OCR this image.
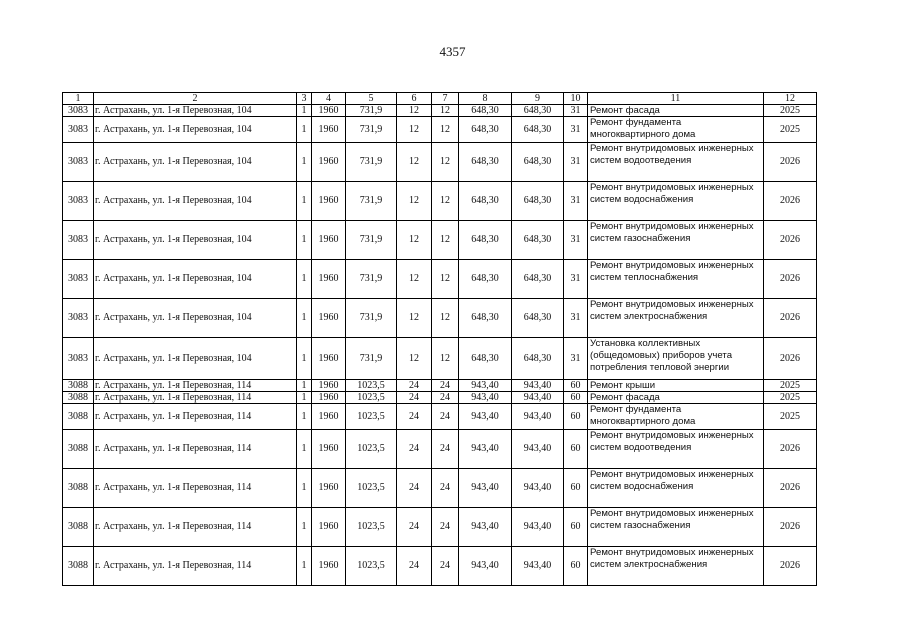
4357
1	2	3	4	5	6	7	8	9	10	11	12
3083	г. Астрахань, ул. 1-я Перевозная, 104	1	1960	731,9	12	12	648,30	648,30	31	Ремонт фасада	2025
3083	г. Астрахань, ул. 1-я Перевозная, 104	1	1960	731,9	12	12	648,30	648,30	31	Ремонт фундамента многоквартирного дома	2025
3083	г. Астрахань, ул. 1-я Перевозная, 104	1	1960	731,9	12	12	648,30	648,30	31	Ремонт внутридомовых инженерных систем водоотведения	2026
3083	г. Астрахань, ул. 1-я Перевозная, 104	1	1960	731,9	12	12	648,30	648,30	31	Ремонт внутридомовых инженерных систем водоснабжения	2026
3083	г. Астрахань, ул. 1-я Перевозная, 104	1	1960	731,9	12	12	648,30	648,30	31	Ремонт внутридомовых инженерных систем газоснабжения	2026
3083	г. Астрахань, ул. 1-я Перевозная, 104	1	1960	731,9	12	12	648,30	648,30	31	Ремонт внутридомовых инженерных систем теплоснабжения	2026
3083	г. Астрахань, ул. 1-я Перевозная, 104	1	1960	731,9	12	12	648,30	648,30	31	Ремонт внутридомовых инженерных систем электроснабжения	2026
3083	г. Астрахань, ул. 1-я Перевозная, 104	1	1960	731,9	12	12	648,30	648,30	31	Установка коллективных (общедомовых) приборов учета потребления тепловой энергии	2026
3088	г. Астрахань, ул. 1-я Перевозная, 114	1	1960	1023,5	24	24	943,40	943,40	60	Ремонт крыши	2025
3088	г. Астрахань, ул. 1-я Перевозная, 114	1	1960	1023,5	24	24	943,40	943,40	60	Ремонт фасада	2025
3088	г. Астрахань, ул. 1-я Перевозная, 114	1	1960	1023,5	24	24	943,40	943,40	60	Ремонт фундамента многоквартирного дома	2025
3088	г. Астрахань, ул. 1-я Перевозная, 114	1	1960	1023,5	24	24	943,40	943,40	60	Ремонт внутридомовых инженерных систем водоотведения	2026
3088	г. Астрахань, ул. 1-я Перевозная, 114	1	1960	1023,5	24	24	943,40	943,40	60	Ремонт внутридомовых инженерных систем водоснабжения	2026
3088	г. Астрахань, ул. 1-я Перевозная, 114	1	1960	1023,5	24	24	943,40	943,40	60	Ремонт внутридомовых инженерных систем газоснабжения	2026
3088	г. Астрахань, ул. 1-я Перевозная, 114	1	1960	1023,5	24	24	943,40	943,40	60	Ремонт внутридомовых инженерных систем электроснабжения	2026
